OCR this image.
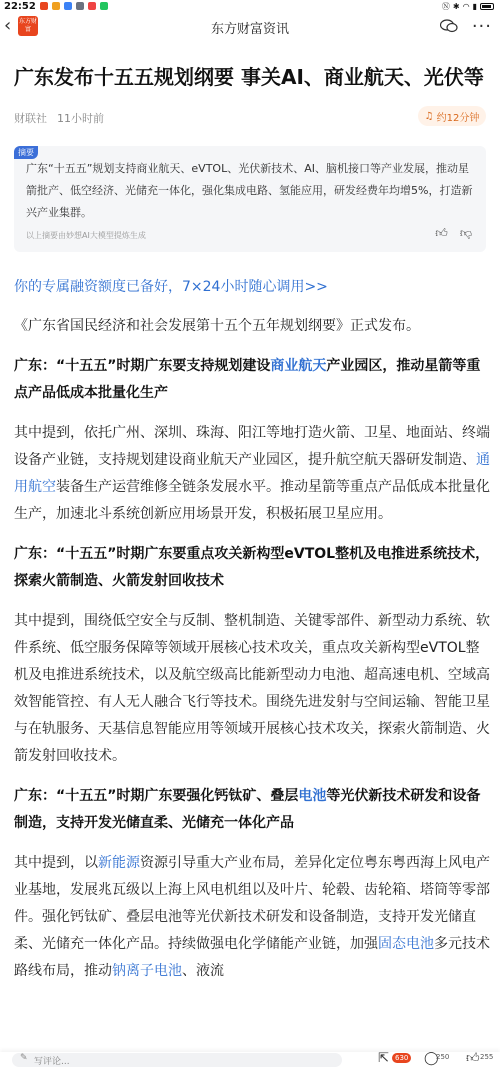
22:52	Ⓝ ✱ ◠ ▮
‹ 东方财富	东方财富资讯	···
广东发布十五五规划纲要 事关AI、商业航天、光伏等
财联社 11小时前	♫ 约12分钟
摘要
广东“十五五”规划支持商业航天、eVTOL、光伏新技术、AI、脑机接口等产业发展，推动星箭批产、低空经济、光储充一体化，强化集成电路、氢能应用，研发经费年均增5%，打造新兴产业集群。
以上摘要由妙想AI大模型提炼生成	👍︎ 👎︎
你的专属融资额度已备好，7×24小时随心调用>>

《广东省国民经济和社会发展第十五个五年规划纲要》正式发布。

广东：“十五五”时期广东要支持规划建设商业航天产业园区，推动星箭等重点产品低成本批量化生产

其中提到，依托广州、深圳、珠海、阳江等地打造火箭、卫星、地面站、终端设备产业链，支持规划建设商业航天产业园区，提升航空航天器研发制造、通用航空装备生产运营维修全链条发展水平。推动星箭等重点产品低成本批量化生产，加速北斗系统创新应用场景开发，积极拓展卫星应用。

广东：“十五五”时期广东要重点攻关新构型eVTOL整机及电推进系统技术，探索火箭制造、火箭发射回收技术

其中提到，围绕低空安全与反制、整机制造、关键零部件、新型动力系统、软件系统、低空服务保障等领域开展核心技术攻关，重点攻关新构型eVTOL整机及电推进系统技术，以及航空级高比能新型动力电池、超高速电机、空域高效智能管控、有人无人融合飞行等技术。围绕先进发射与空间运输、智能卫星与在轨服务、天基信息智能应用等领域开展核心技术攻关，探索火箭制造、火箭发射回收技术。

广东：“十五五”时期广东要强化钙钛矿、叠层电池等光伏新技术研发和设备制造，支持开发光储直柔、光储充一体化产品

其中提到，以新能源资源引导重大产业布局，差异化定位粤东粤西海上风电产业基地，发展兆瓦级以上海上风电机组以及叶片、轮毂、齿轮箱、塔筒等零部件。强化钙钛矿、叠层电池等光伏新技术研发和设备制造，支持开发光储直柔、光储充一体化产品。持续做强电化学储能产业链，加强固态电池多元技术路线布局，推动钠离子电池、液流

✎ 写评论...	⇱ 630 ◯
250 👍︎ 255
